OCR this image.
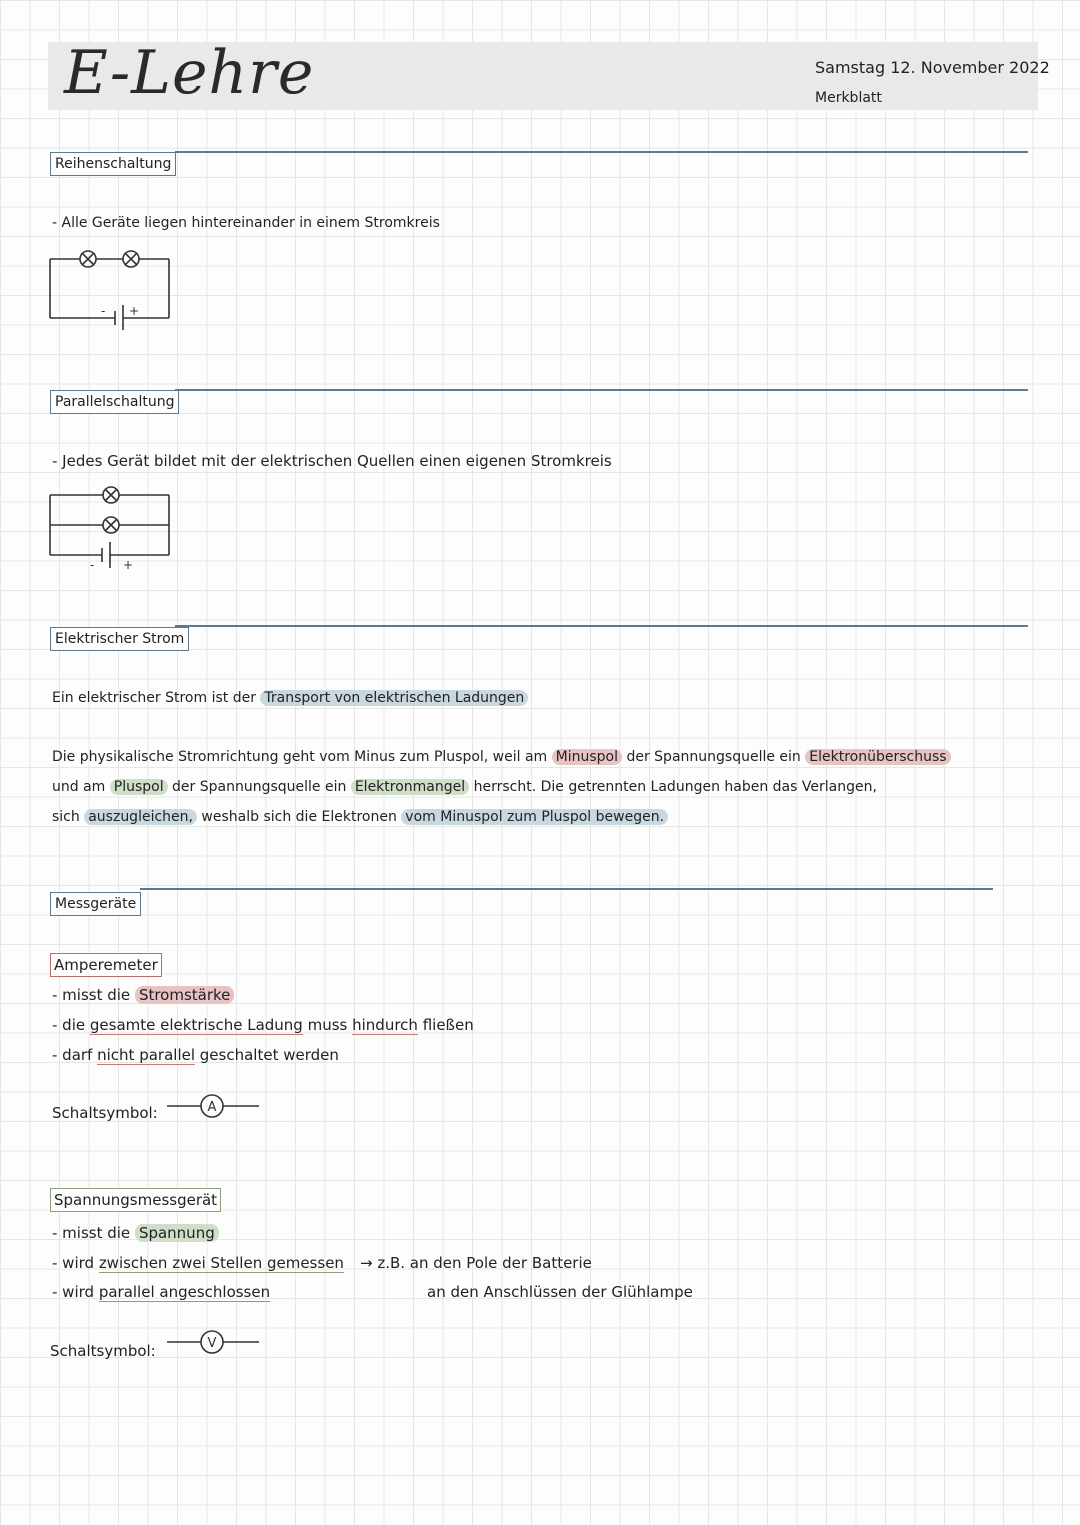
E-Lehre	Samstag 12. November 2022
Merkblatt
Reihenschaltung
- Alle Geräte liegen hintereinander in einem Stromkreis
- +
Parallelschaltung
- Jedes Gerät bildet mit der elektrischen Quellen einen eigenen Stromkreis
- +
Elektrischer Strom
Ein elektrischer Strom ist der Transport von elektrischen Ladungen
Die physikalische Stromrichtung geht vom Minus zum Pluspol, weil am Minuspol der Spannungsquelle ein Elektronüberschuss
und am Pluspol der Spannungsquelle ein Elektronmangel herrscht. Die getrennten Ladungen haben das Verlangen,
sich auszugleichen, weshalb sich die Elektronen vom Minuspol zum Pluspol bewegen.
Messgeräte
Amperemeter
- misst die Stromstärke
- die gesamte elektrische Ladung muss hindurch fließen
- darf nicht parallel geschaltet werden
Schaltsymbol:	A
Spannungsmessgerät
- misst die Spannung
- wird zwischen zwei Stellen gemessen → z.B. an den Pole der Batterie
- wird parallel angeschlossen	an den Anschlüssen der Glühlampe
Schaltsymbol:	V
